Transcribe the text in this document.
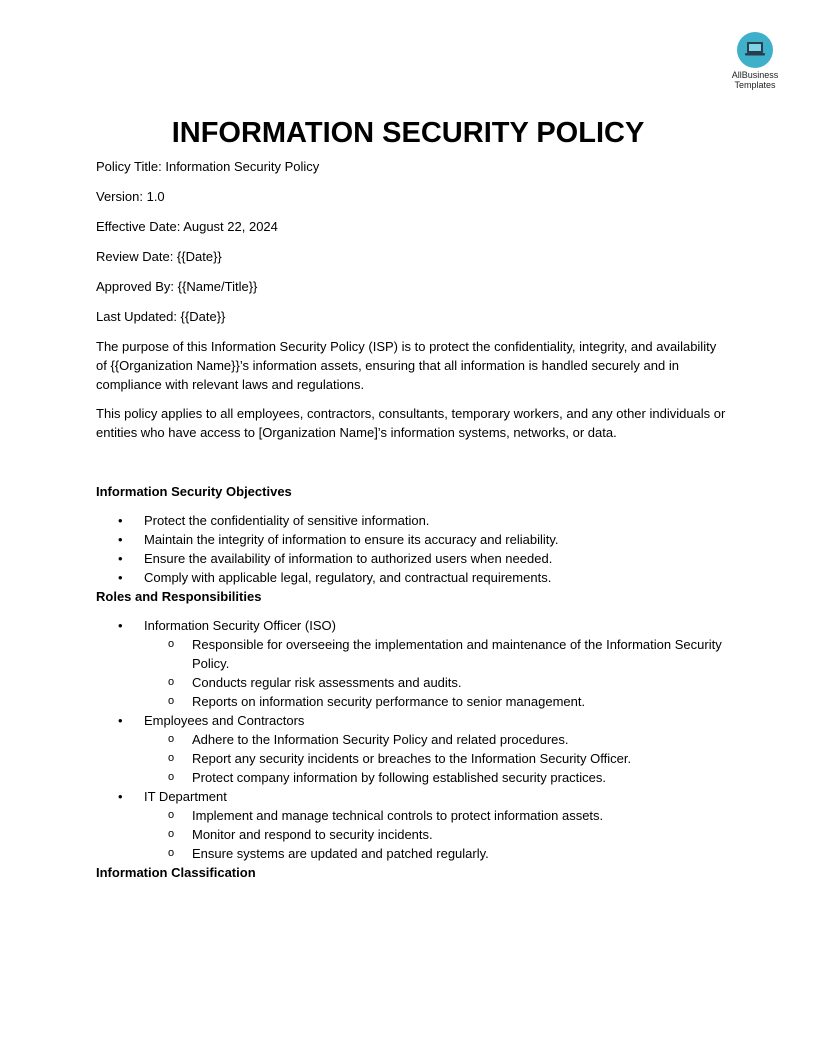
AllBusiness
Templates
INFORMATION SECURITY POLICY
Policy Title: Information Security Policy
Version: 1.0
Effective Date: August 22, 2024
Review Date: {{Date}}
Approved By: {{Name/Title}}
Last Updated: {{Date}}
The purpose of this Information Security Policy (ISP) is to protect the confidentiality, integrity, and availability of {{Organization Name}}’s information assets, ensuring that all information is handled securely and in compliance with relevant laws and regulations.
This policy applies to all employees, contractors, consultants, temporary workers, and any other individuals or entities who have access to [Organization Name]’s information systems, networks, or data.
Information Security Objectives
• Protect the confidentiality of sensitive information.
• Maintain the integrity of information to ensure its accuracy and reliability.
• Ensure the availability of information to authorized users when needed.
• Comply with applicable legal, regulatory, and contractual requirements.
Roles and Responsibilities
• Information Security Officer (ISO)
o Responsible for overseeing the implementation and maintenance of the Information Security Policy.
o Conducts regular risk assessments and audits.
o Reports on information security performance to senior management.
• Employees and Contractors
o Adhere to the Information Security Policy and related procedures.
o Report any security incidents or breaches to the Information Security Officer.
o Protect company information by following established security practices.
• IT Department
o Implement and manage technical controls to protect information assets.
o Monitor and respond to security incidents.
o Ensure systems are updated and patched regularly.
Information Classification
